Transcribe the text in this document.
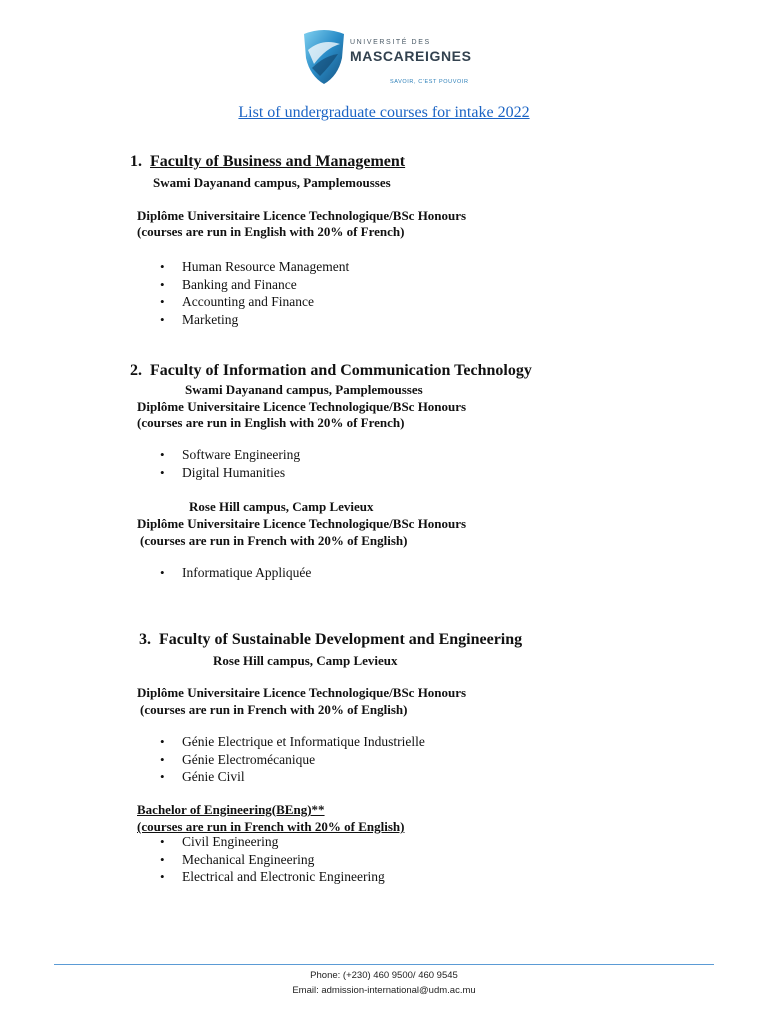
UNIVERSITÉ DES
MASCAREIGNES
SAVOIR, C'EST POUVOIR
List of undergraduate courses for intake 2022
1. Faculty of Business and Management
Swami Dayanand campus, Pamplemousses
Diplôme Universitaire Licence Technologique/BSc Honours
(courses are run in English with 20% of French)
• Human Resource Management
• Banking and Finance
• Accounting and Finance
• Marketing
2. Faculty of Information and Communication Technology
Swami Dayanand campus, Pamplemousses
Diplôme Universitaire Licence Technologique/BSc Honours
(courses are run in English with 20% of French)
• Software Engineering
• Digital Humanities
Rose Hill campus, Camp Levieux
Diplôme Universitaire Licence Technologique/BSc Honours
(courses are run in French with 20% of English)
• Informatique Appliquée
3. Faculty of Sustainable Development and Engineering
Rose Hill campus, Camp Levieux
Diplôme Universitaire Licence Technologique/BSc Honours
(courses are run in French with 20% of English)
• Génie Electrique et Informatique Industrielle
• Génie Electromécanique
• Génie Civil
Bachelor of Engineering(BEng)**
(courses are run in French with 20% of English)
• Civil Engineering
• Mechanical Engineering
• Electrical and Electronic Engineering
Phone: (+230) 460 9500/ 460 9545
Email: admission-international@udm.ac.mu
